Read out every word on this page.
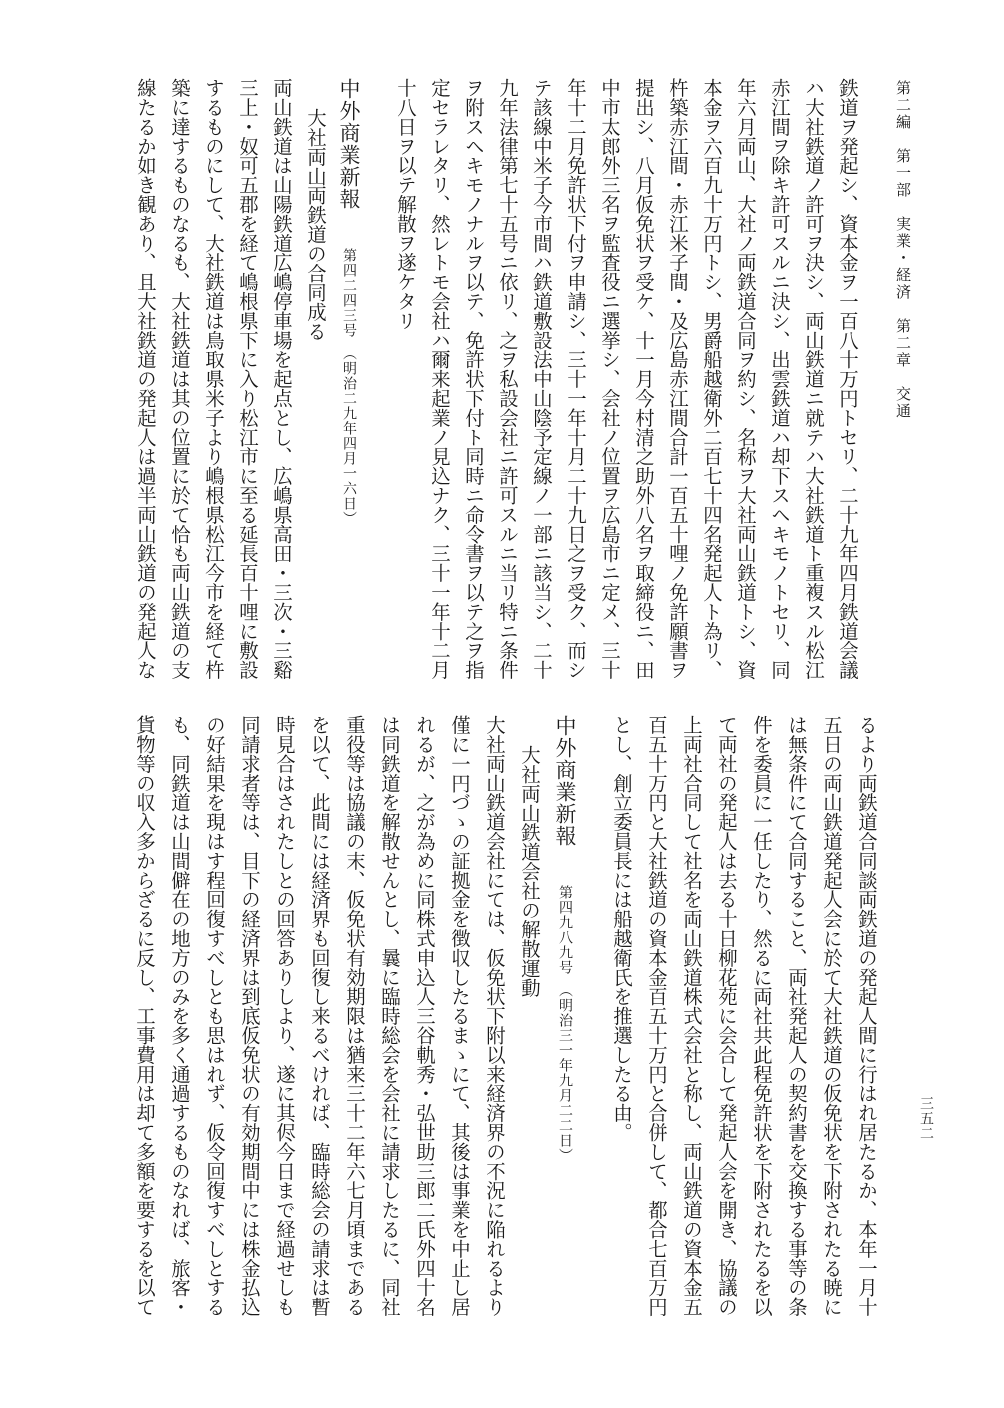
第二編　第一部　実業・経済　第二章　交通
三五二
鉄道ヲ発起シ、資本金ヲ一百八十万円トセリ、二十九年四月鉄道会議
ハ大社鉄道ノ許可ヲ決シ、両山鉄道ニ就テハ大社鉄道ト重複スル松江
赤江間ヲ除キ許可スルニ決シ、出雲鉄道ハ却下スヘキモノトセリ、同
年六月両山、大社ノ両鉄道合同ヲ約シ、名称ヲ大社両山鉄道トシ、資
本金ヲ六百九十万円トシ、男爵船越衛外二百七十四名発起人ト為リ、
杵築赤江間・赤江米子間・及広島赤江間合計一百五十哩ノ免許願書ヲ
提出シ、八月仮免状ヲ受ケ、十一月今村清之助外八名ヲ取締役ニ、田
中市太郎外三名ヲ監査役ニ選挙シ、会社ノ位置ヲ広島市ニ定メ、三十
年十二月免許状下付ヲ申請シ、三十一年十月二十九日之ヲ受ク、而シ
テ該線中米子今市間ハ鉄道敷設法中山陰予定線ノ一部ニ該当シ、二十
九年法律第七十五号ニ依リ、之ヲ私設会社ニ許可スルニ当リ特ニ条件
ヲ附スヘキモノナルヲ以テ、免許状下付ト同時ニ命令書ヲ以テ之ヲ指
定セラレタリ、然レトモ会社ハ爾来起業ノ見込ナク、三十一年十二月
十八日ヲ以テ解散ヲ遂ケタリ
中外商業新報第四二四三号　（明治二九年四月一六日）
大社両山両鉄道の合同成る
両山鉄道は山陽鉄道広嶋停車場を起点とし、広嶋県高田・三次・三谿
三上・奴可五郡を経て嶋根県下に入り松江市に至る延長百十哩に敷設
するものにして、大社鉄道は鳥取県米子より嶋根県松江今市を経て杵
築に達するものなるも、大社鉄道は其の位置に於て恰も両山鉄道の支
線たるか如き観あり、且大社鉄道の発起人は過半両山鉄道の発起人な
るより両鉄道合同談両鉄道の発起人間に行はれ居たるか、本年一月十
五日の両山鉄道発起人会に於て大社鉄道の仮免状を下附されたる暁に
は無条件にて合同すること、両社発起人の契約書を交換する事等の条
件を委員に一任したり、然るに両社共此程免許状を下附されたるを以
て両社の発起人は去る十日柳花苑に会合して発起人会を開き、協議の
上両社合同して社名を両山鉄道株式会社と称し、両山鉄道の資本金五
百五十万円と大社鉄道の資本金百五十万円と合併して、都合七百万円
とし、創立委員長には船越衛氏を推選したる由。
中外商業新報第四九八九号　（明治三一年九月二二日）
大社両山鉄道会社の解散運動
大社両山鉄道会社にては、仮免状下附以来経済界の不況に陥れるより
僅に一円づゝの証拠金を徴収したるまゝにて、其後は事業を中止し居
れるが、之が為めに同株式申込人三谷軌秀・弘世助三郎二氏外四十名
は同鉄道を解散せんとし、曩に臨時総会を会社に請求したるに、同社
重役等は協議の末、仮免状有効期限は猶来三十二年六七月頃まである
を以て、此間には経済界も回復し来るべければ、臨時総会の請求は暫
時見合はされたしとの回答ありしより、遂に其侭今日まで経過せしも
同請求者等は、目下の経済界は到底仮免状の有効期間中には株金払込
の好結果を現はす程回復すべしとも思はれず、仮令回復すべしとする
も、同鉄道は山間僻在の地方のみを多く通過するものなれば、旅客・
貨物等の収入多からざるに反し、工事費用は却て多額を要するを以て
